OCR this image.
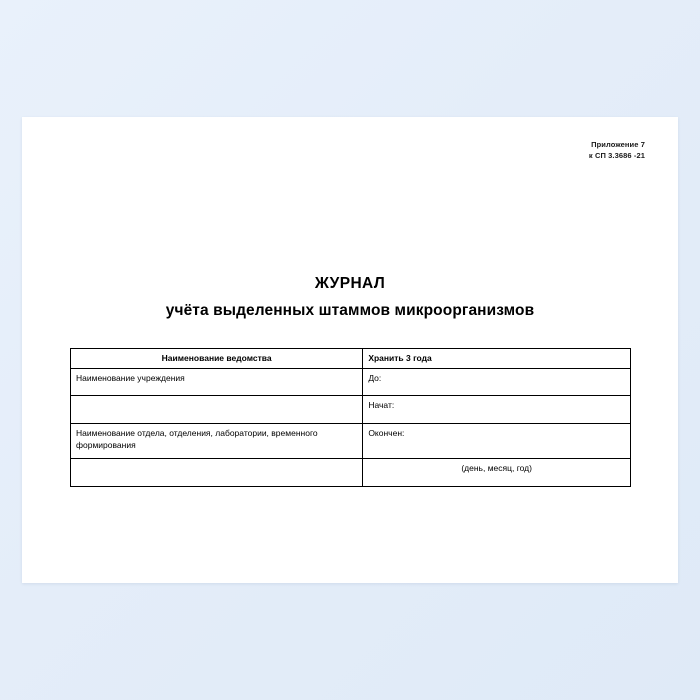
Приложение 7
к СП 3.3686 -21
ЖУРНАЛ
учёта выделенных штаммов микроорганизмов
Наименование ведомства	Хранить 3 года
Наименование учреждения	До:
	Начат:
Наименование отдела, отделения, лаборатории, временного формирования	Окончен:
	(день, месяц, год)
